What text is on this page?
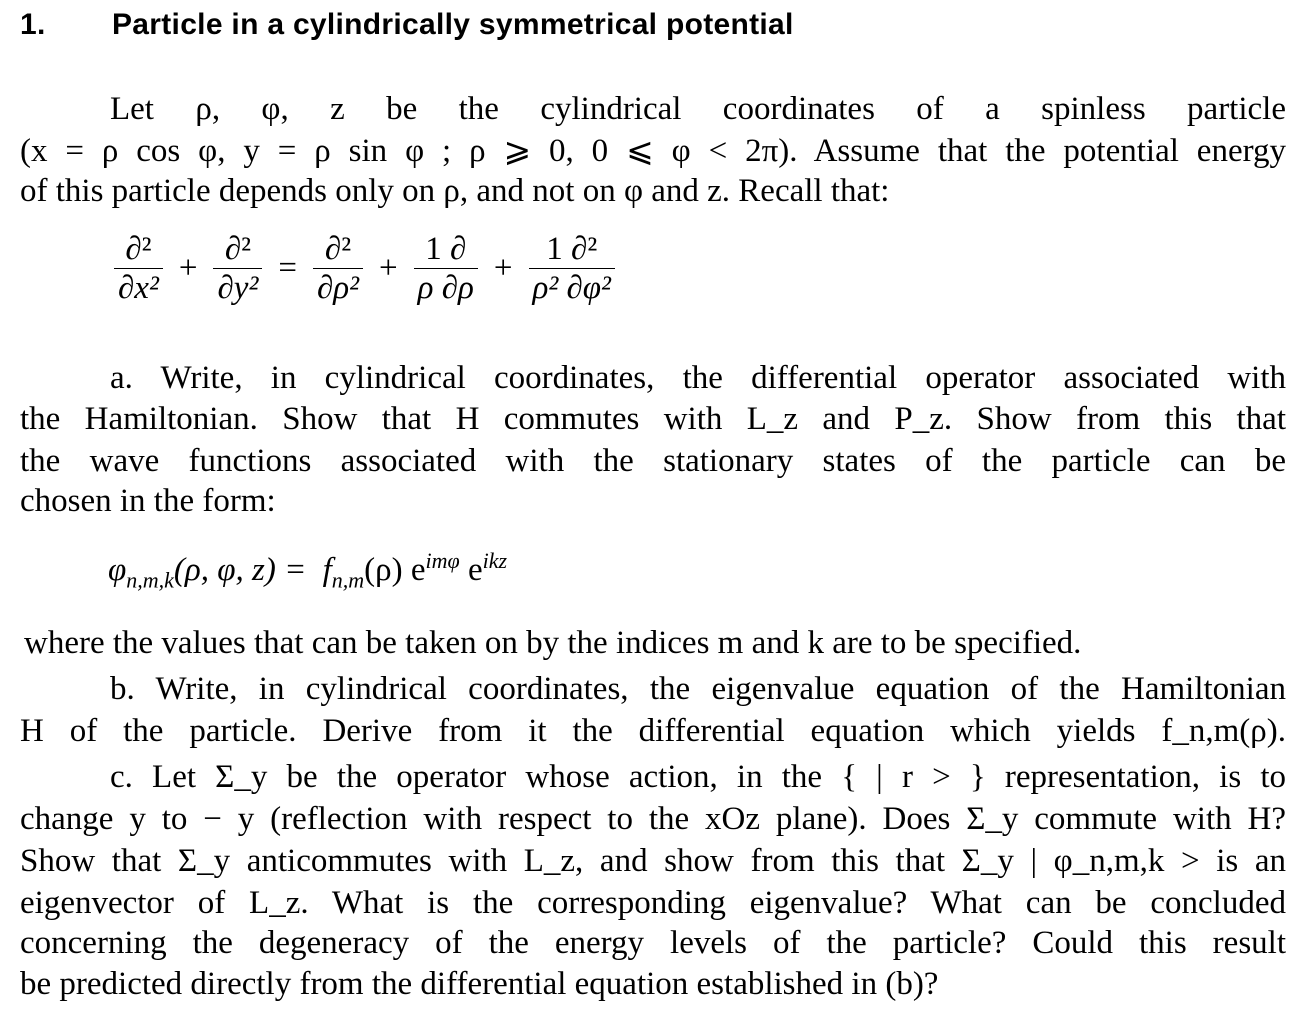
1. Particle in a cylindrically symmetrical potential
Let ρ, φ, z be the cylindrical coordinates of a spinless particle
(x = ρ cos φ, y = ρ sin φ ; ρ ⩾ 0, 0 ⩽ φ < 2π). Assume that the potential energy
of this particle depends only on ρ, and not on φ and z. Recall that:
$\frac{\text{∂²}}{\text{∂x²}} + \frac{\text{∂²}}{\text{∂y²}} = \frac{\text{∂²}}{\text{∂ρ²}} + \frac{1 \partial}{\rho \partial\rho} + \frac{\text{1 ∂²}}{\text{ρ² ∂φ²}}$
a. Write, in cylindrical coordinates, the differential operator associated with
the Hamiltonian. Show that H commutes with L_z and P_z. Show from this that
the wave functions associated with the stationary states of the particle can be
chosen in the form:
$\varphi_{n,m,k}(\rho$, φ, $z) = f_{n,m}(\rho)$ $e^{im\varphi}$ $e^{ikz}$
where the values that can be taken on by the indices m and k are to be specified.
b. Write, in cylindrical coordinates, the eigenvalue equation of the Hamiltonian
H of the particle. Derive from it the differential equation which yields f_n,m(ρ).
c. Let Σ_y be the operator whose action, in the { | r > } representation, is to
change y to − y (reflection with respect to the xOz plane). Does Σ_y commute with H?
Show that Σ_y anticommutes with L_z, and show from this that Σ_y | φ_n,m,k > is an
eigenvector of L_z. What is the corresponding eigenvalue? What can be concluded
concerning the degeneracy of the energy levels of the particle? Could this result
be predicted directly from the differential equation established in (b)?
